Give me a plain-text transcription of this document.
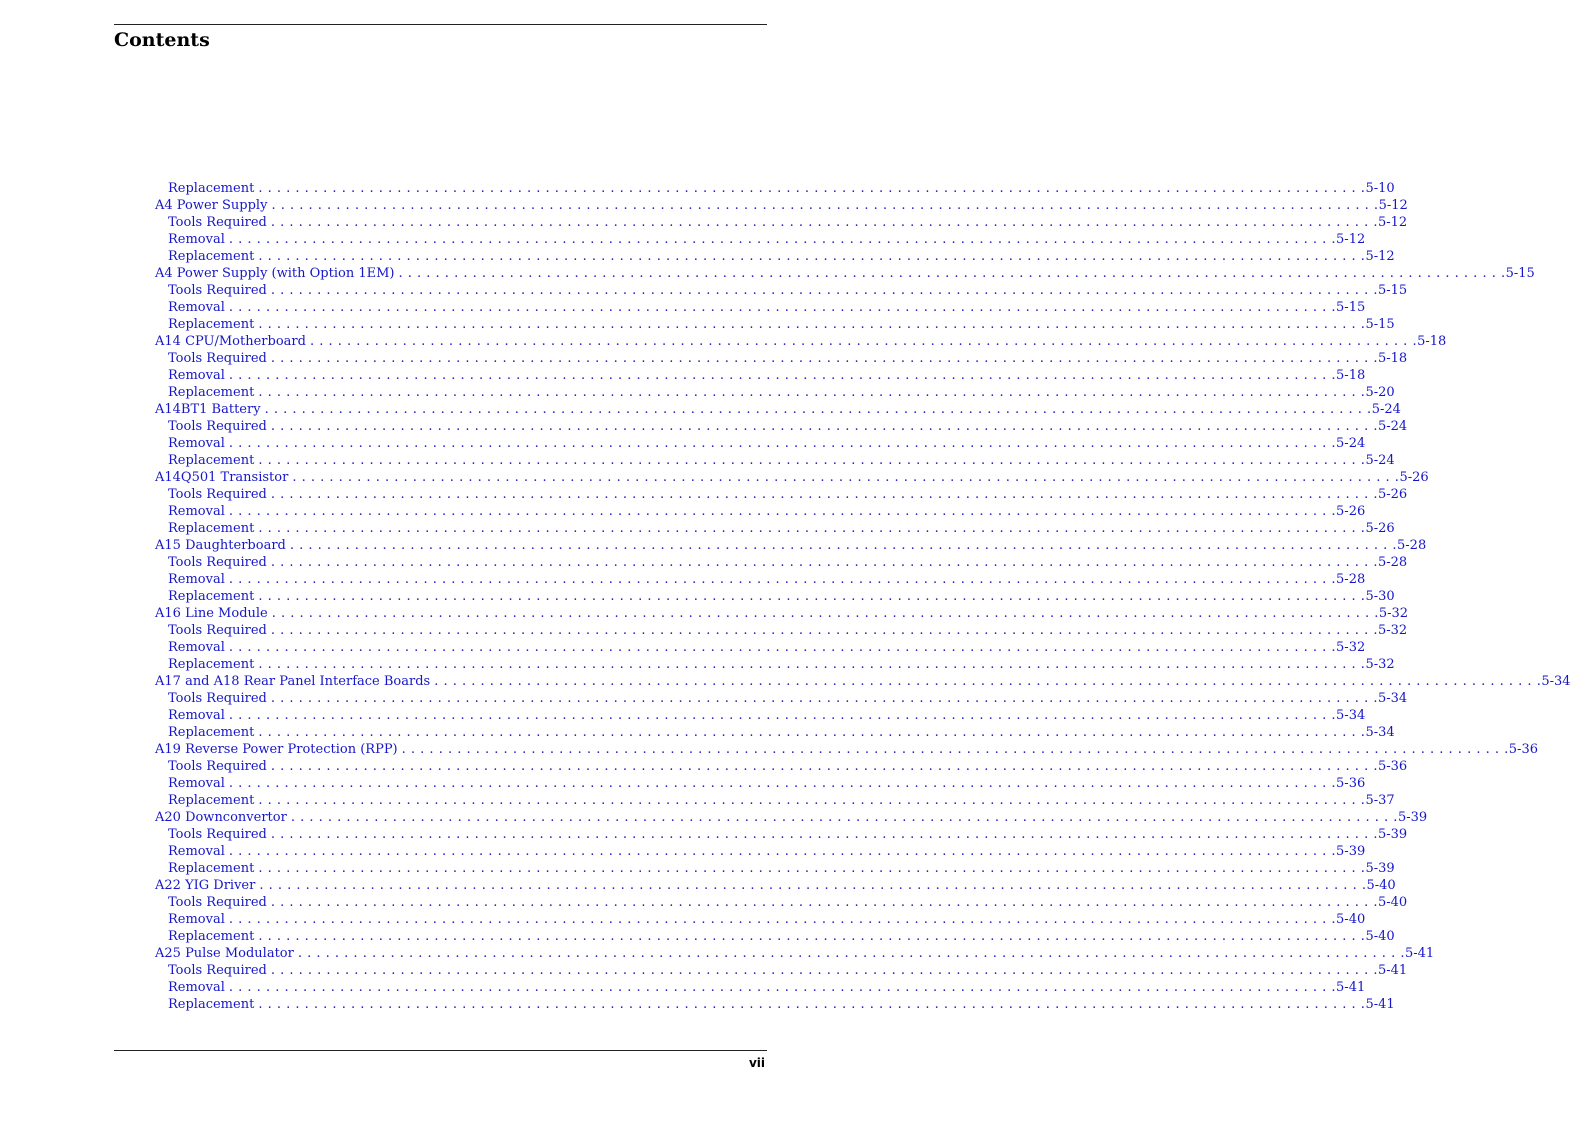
Contents
Replacement . . . . . . . . . . . . . . . . . . . . . . . . . . . . . . . . . . . . . . . . . . . . . . . . . . . . . . . . . . . . . . . . . . . . . . . . . . . . . . . . . . . . . . . . . . . . . . . . . . . . . . . . . . . . . . . . . . . . . . . . 5-10
A4 Power Supply . . . . . . . . . . . . . . . . . . . . . . . . . . . . . . . . . . . . . . . . . . . . . . . . . . . . . . . . . . . . . . . . . . . . . . . . . . . . . . . . . . . . . . . . . . . . . . . . . . . . . . . . . . . . . . . . . . . . . . . . 5-12
Tools Required . . . . . . . . . . . . . . . . . . . . . . . . . . . . . . . . . . . . . . . . . . . . . . . . . . . . . . . . . . . . . . . . . . . . . . . . . . . . . . . . . . . . . . . . . . . . . . . . . . . . . . . . . . . . . . . . . . . . . . . . 5-12
Removal . . . . . . . . . . . . . . . . . . . . . . . . . . . . . . . . . . . . . . . . . . . . . . . . . . . . . . . . . . . . . . . . . . . . . . . . . . . . . . . . . . . . . . . . . . . . . . . . . . . . . . . . . . . . . . . . . . . . . . . . 5-12
Replacement . . . . . . . . . . . . . . . . . . . . . . . . . . . . . . . . . . . . . . . . . . . . . . . . . . . . . . . . . . . . . . . . . . . . . . . . . . . . . . . . . . . . . . . . . . . . . . . . . . . . . . . . . . . . . . . . . . . . . . . . 5-12
A4 Power Supply (with Option 1EM) . . . . . . . . . . . . . . . . . . . . . . . . . . . . . . . . . . . . . . . . . . . . . . . . . . . . . . . . . . . . . . . . . . . . . . . . . . . . . . . . . . . . . . . . . . . . . . . . . . . . . . . . . . . . . . . . . . . . . . . . 5-15
Tools Required . . . . . . . . . . . . . . . . . . . . . . . . . . . . . . . . . . . . . . . . . . . . . . . . . . . . . . . . . . . . . . . . . . . . . . . . . . . . . . . . . . . . . . . . . . . . . . . . . . . . . . . . . . . . . . . . . . . . . . . . 5-15
Removal . . . . . . . . . . . . . . . . . . . . . . . . . . . . . . . . . . . . . . . . . . . . . . . . . . . . . . . . . . . . . . . . . . . . . . . . . . . . . . . . . . . . . . . . . . . . . . . . . . . . . . . . . . . . . . . . . . . . . . . . 5-15
Replacement . . . . . . . . . . . . . . . . . . . . . . . . . . . . . . . . . . . . . . . . . . . . . . . . . . . . . . . . . . . . . . . . . . . . . . . . . . . . . . . . . . . . . . . . . . . . . . . . . . . . . . . . . . . . . . . . . . . . . . . . 5-15
A14 CPU/Motherboard . . . . . . . . . . . . . . . . . . . . . . . . . . . . . . . . . . . . . . . . . . . . . . . . . . . . . . . . . . . . . . . . . . . . . . . . . . . . . . . . . . . . . . . . . . . . . . . . . . . . . . . . . . . . . . . . . . . . . . . . 5-18
Tools Required . . . . . . . . . . . . . . . . . . . . . . . . . . . . . . . . . . . . . . . . . . . . . . . . . . . . . . . . . . . . . . . . . . . . . . . . . . . . . . . . . . . . . . . . . . . . . . . . . . . . . . . . . . . . . . . . . . . . . . . . 5-18
Removal . . . . . . . . . . . . . . . . . . . . . . . . . . . . . . . . . . . . . . . . . . . . . . . . . . . . . . . . . . . . . . . . . . . . . . . . . . . . . . . . . . . . . . . . . . . . . . . . . . . . . . . . . . . . . . . . . . . . . . . . 5-18
Replacement . . . . . . . . . . . . . . . . . . . . . . . . . . . . . . . . . . . . . . . . . . . . . . . . . . . . . . . . . . . . . . . . . . . . . . . . . . . . . . . . . . . . . . . . . . . . . . . . . . . . . . . . . . . . . . . . . . . . . . . . 5-20
A14BT1 Battery . . . . . . . . . . . . . . . . . . . . . . . . . . . . . . . . . . . . . . . . . . . . . . . . . . . . . . . . . . . . . . . . . . . . . . . . . . . . . . . . . . . . . . . . . . . . . . . . . . . . . . . . . . . . . . . . . . . . . . . . 5-24
Tools Required . . . . . . . . . . . . . . . . . . . . . . . . . . . . . . . . . . . . . . . . . . . . . . . . . . . . . . . . . . . . . . . . . . . . . . . . . . . . . . . . . . . . . . . . . . . . . . . . . . . . . . . . . . . . . . . . . . . . . . . . 5-24
Removal . . . . . . . . . . . . . . . . . . . . . . . . . . . . . . . . . . . . . . . . . . . . . . . . . . . . . . . . . . . . . . . . . . . . . . . . . . . . . . . . . . . . . . . . . . . . . . . . . . . . . . . . . . . . . . . . . . . . . . . . 5-24
Replacement . . . . . . . . . . . . . . . . . . . . . . . . . . . . . . . . . . . . . . . . . . . . . . . . . . . . . . . . . . . . . . . . . . . . . . . . . . . . . . . . . . . . . . . . . . . . . . . . . . . . . . . . . . . . . . . . . . . . . . . . 5-24
A14Q501 Transistor . . . . . . . . . . . . . . . . . . . . . . . . . . . . . . . . . . . . . . . . . . . . . . . . . . . . . . . . . . . . . . . . . . . . . . . . . . . . . . . . . . . . . . . . . . . . . . . . . . . . . . . . . . . . . . . . . . . . . . . . 5-26
Tools Required . . . . . . . . . . . . . . . . . . . . . . . . . . . . . . . . . . . . . . . . . . . . . . . . . . . . . . . . . . . . . . . . . . . . . . . . . . . . . . . . . . . . . . . . . . . . . . . . . . . . . . . . . . . . . . . . . . . . . . . . 5-26
Removal . . . . . . . . . . . . . . . . . . . . . . . . . . . . . . . . . . . . . . . . . . . . . . . . . . . . . . . . . . . . . . . . . . . . . . . . . . . . . . . . . . . . . . . . . . . . . . . . . . . . . . . . . . . . . . . . . . . . . . . . 5-26
Replacement . . . . . . . . . . . . . . . . . . . . . . . . . . . . . . . . . . . . . . . . . . . . . . . . . . . . . . . . . . . . . . . . . . . . . . . . . . . . . . . . . . . . . . . . . . . . . . . . . . . . . . . . . . . . . . . . . . . . . . . . 5-26
A15 Daughterboard . . . . . . . . . . . . . . . . . . . . . . . . . . . . . . . . . . . . . . . . . . . . . . . . . . . . . . . . . . . . . . . . . . . . . . . . . . . . . . . . . . . . . . . . . . . . . . . . . . . . . . . . . . . . . . . . . . . . . . . . 5-28
Tools Required . . . . . . . . . . . . . . . . . . . . . . . . . . . . . . . . . . . . . . . . . . . . . . . . . . . . . . . . . . . . . . . . . . . . . . . . . . . . . . . . . . . . . . . . . . . . . . . . . . . . . . . . . . . . . . . . . . . . . . . . 5-28
Removal . . . . . . . . . . . . . . . . . . . . . . . . . . . . . . . . . . . . . . . . . . . . . . . . . . . . . . . . . . . . . . . . . . . . . . . . . . . . . . . . . . . . . . . . . . . . . . . . . . . . . . . . . . . . . . . . . . . . . . . . 5-28
Replacement . . . . . . . . . . . . . . . . . . . . . . . . . . . . . . . . . . . . . . . . . . . . . . . . . . . . . . . . . . . . . . . . . . . . . . . . . . . . . . . . . . . . . . . . . . . . . . . . . . . . . . . . . . . . . . . . . . . . . . . . 5-30
A16 Line Module . . . . . . . . . . . . . . . . . . . . . . . . . . . . . . . . . . . . . . . . . . . . . . . . . . . . . . . . . . . . . . . . . . . . . . . . . . . . . . . . . . . . . . . . . . . . . . . . . . . . . . . . . . . . . . . . . . . . . . . . 5-32
Tools Required . . . . . . . . . . . . . . . . . . . . . . . . . . . . . . . . . . . . . . . . . . . . . . . . . . . . . . . . . . . . . . . . . . . . . . . . . . . . . . . . . . . . . . . . . . . . . . . . . . . . . . . . . . . . . . . . . . . . . . . . 5-32
Removal . . . . . . . . . . . . . . . . . . . . . . . . . . . . . . . . . . . . . . . . . . . . . . . . . . . . . . . . . . . . . . . . . . . . . . . . . . . . . . . . . . . . . . . . . . . . . . . . . . . . . . . . . . . . . . . . . . . . . . . . 5-32
Replacement . . . . . . . . . . . . . . . . . . . . . . . . . . . . . . . . . . . . . . . . . . . . . . . . . . . . . . . . . . . . . . . . . . . . . . . . . . . . . . . . . . . . . . . . . . . . . . . . . . . . . . . . . . . . . . . . . . . . . . . . 5-32
A17 and A18 Rear Panel Interface Boards . . . . . . . . . . . . . . . . . . . . . . . . . . . . . . . . . . . . . . . . . . . . . . . . . . . . . . . . . . . . . . . . . . . . . . . . . . . . . . . . . . . . . . . . . . . . . . . . . . . . . . . . . . . . . . . . . . . . . . . . 5-34
Tools Required . . . . . . . . . . . . . . . . . . . . . . . . . . . . . . . . . . . . . . . . . . . . . . . . . . . . . . . . . . . . . . . . . . . . . . . . . . . . . . . . . . . . . . . . . . . . . . . . . . . . . . . . . . . . . . . . . . . . . . . . 5-34
Removal . . . . . . . . . . . . . . . . . . . . . . . . . . . . . . . . . . . . . . . . . . . . . . . . . . . . . . . . . . . . . . . . . . . . . . . . . . . . . . . . . . . . . . . . . . . . . . . . . . . . . . . . . . . . . . . . . . . . . . . . 5-34
Replacement . . . . . . . . . . . . . . . . . . . . . . . . . . . . . . . . . . . . . . . . . . . . . . . . . . . . . . . . . . . . . . . . . . . . . . . . . . . . . . . . . . . . . . . . . . . . . . . . . . . . . . . . . . . . . . . . . . . . . . . . 5-34
A19 Reverse Power Protection (RPP) . . . . . . . . . . . . . . . . . . . . . . . . . . . . . . . . . . . . . . . . . . . . . . . . . . . . . . . . . . . . . . . . . . . . . . . . . . . . . . . . . . . . . . . . . . . . . . . . . . . . . . . . . . . . . . . . . . . . . . . . 5-36
Tools Required . . . . . . . . . . . . . . . . . . . . . . . . . . . . . . . . . . . . . . . . . . . . . . . . . . . . . . . . . . . . . . . . . . . . . . . . . . . . . . . . . . . . . . . . . . . . . . . . . . . . . . . . . . . . . . . . . . . . . . . . 5-36
Removal . . . . . . . . . . . . . . . . . . . . . . . . . . . . . . . . . . . . . . . . . . . . . . . . . . . . . . . . . . . . . . . . . . . . . . . . . . . . . . . . . . . . . . . . . . . . . . . . . . . . . . . . . . . . . . . . . . . . . . . . 5-36
Replacement . . . . . . . . . . . . . . . . . . . . . . . . . . . . . . . . . . . . . . . . . . . . . . . . . . . . . . . . . . . . . . . . . . . . . . . . . . . . . . . . . . . . . . . . . . . . . . . . . . . . . . . . . . . . . . . . . . . . . . . . 5-37
A20 Downconvertor . . . . . . . . . . . . . . . . . . . . . . . . . . . . . . . . . . . . . . . . . . . . . . . . . . . . . . . . . . . . . . . . . . . . . . . . . . . . . . . . . . . . . . . . . . . . . . . . . . . . . . . . . . . . . . . . . . . . . . . . 5-39
Tools Required . . . . . . . . . . . . . . . . . . . . . . . . . . . . . . . . . . . . . . . . . . . . . . . . . . . . . . . . . . . . . . . . . . . . . . . . . . . . . . . . . . . . . . . . . . . . . . . . . . . . . . . . . . . . . . . . . . . . . . . . 5-39
Removal . . . . . . . . . . . . . . . . . . . . . . . . . . . . . . . . . . . . . . . . . . . . . . . . . . . . . . . . . . . . . . . . . . . . . . . . . . . . . . . . . . . . . . . . . . . . . . . . . . . . . . . . . . . . . . . . . . . . . . . . 5-39
Replacement . . . . . . . . . . . . . . . . . . . . . . . . . . . . . . . . . . . . . . . . . . . . . . . . . . . . . . . . . . . . . . . . . . . . . . . . . . . . . . . . . . . . . . . . . . . . . . . . . . . . . . . . . . . . . . . . . . . . . . . . 5-39
A22 YIG Driver . . . . . . . . . . . . . . . . . . . . . . . . . . . . . . . . . . . . . . . . . . . . . . . . . . . . . . . . . . . . . . . . . . . . . . . . . . . . . . . . . . . . . . . . . . . . . . . . . . . . . . . . . . . . . . . . . . . . . . . . 5-40
Tools Required . . . . . . . . . . . . . . . . . . . . . . . . . . . . . . . . . . . . . . . . . . . . . . . . . . . . . . . . . . . . . . . . . . . . . . . . . . . . . . . . . . . . . . . . . . . . . . . . . . . . . . . . . . . . . . . . . . . . . . . . 5-40
Removal . . . . . . . . . . . . . . . . . . . . . . . . . . . . . . . . . . . . . . . . . . . . . . . . . . . . . . . . . . . . . . . . . . . . . . . . . . . . . . . . . . . . . . . . . . . . . . . . . . . . . . . . . . . . . . . . . . . . . . . . 5-40
Replacement . . . . . . . . . . . . . . . . . . . . . . . . . . . . . . . . . . . . . . . . . . . . . . . . . . . . . . . . . . . . . . . . . . . . . . . . . . . . . . . . . . . . . . . . . . . . . . . . . . . . . . . . . . . . . . . . . . . . . . . . 5-40
A25 Pulse Modulator . . . . . . . . . . . . . . . . . . . . . . . . . . . . . . . . . . . . . . . . . . . . . . . . . . . . . . . . . . . . . . . . . . . . . . . . . . . . . . . . . . . . . . . . . . . . . . . . . . . . . . . . . . . . . . . . . . . . . . . . 5-41
Tools Required . . . . . . . . . . . . . . . . . . . . . . . . . . . . . . . . . . . . . . . . . . . . . . . . . . . . . . . . . . . . . . . . . . . . . . . . . . . . . . . . . . . . . . . . . . . . . . . . . . . . . . . . . . . . . . . . . . . . . . . . 5-41
Removal . . . . . . . . . . . . . . . . . . . . . . . . . . . . . . . . . . . . . . . . . . . . . . . . . . . . . . . . . . . . . . . . . . . . . . . . . . . . . . . . . . . . . . . . . . . . . . . . . . . . . . . . . . . . . . . . . . . . . . . . 5-41
Replacement . . . . . . . . . . . . . . . . . . . . . . . . . . . . . . . . . . . . . . . . . . . . . . . . . . . . . . . . . . . . . . . . . . . . . . . . . . . . . . . . . . . . . . . . . . . . . . . . . . . . . . . . . . . . . . . . . . . . . . . . 5-41
vii
